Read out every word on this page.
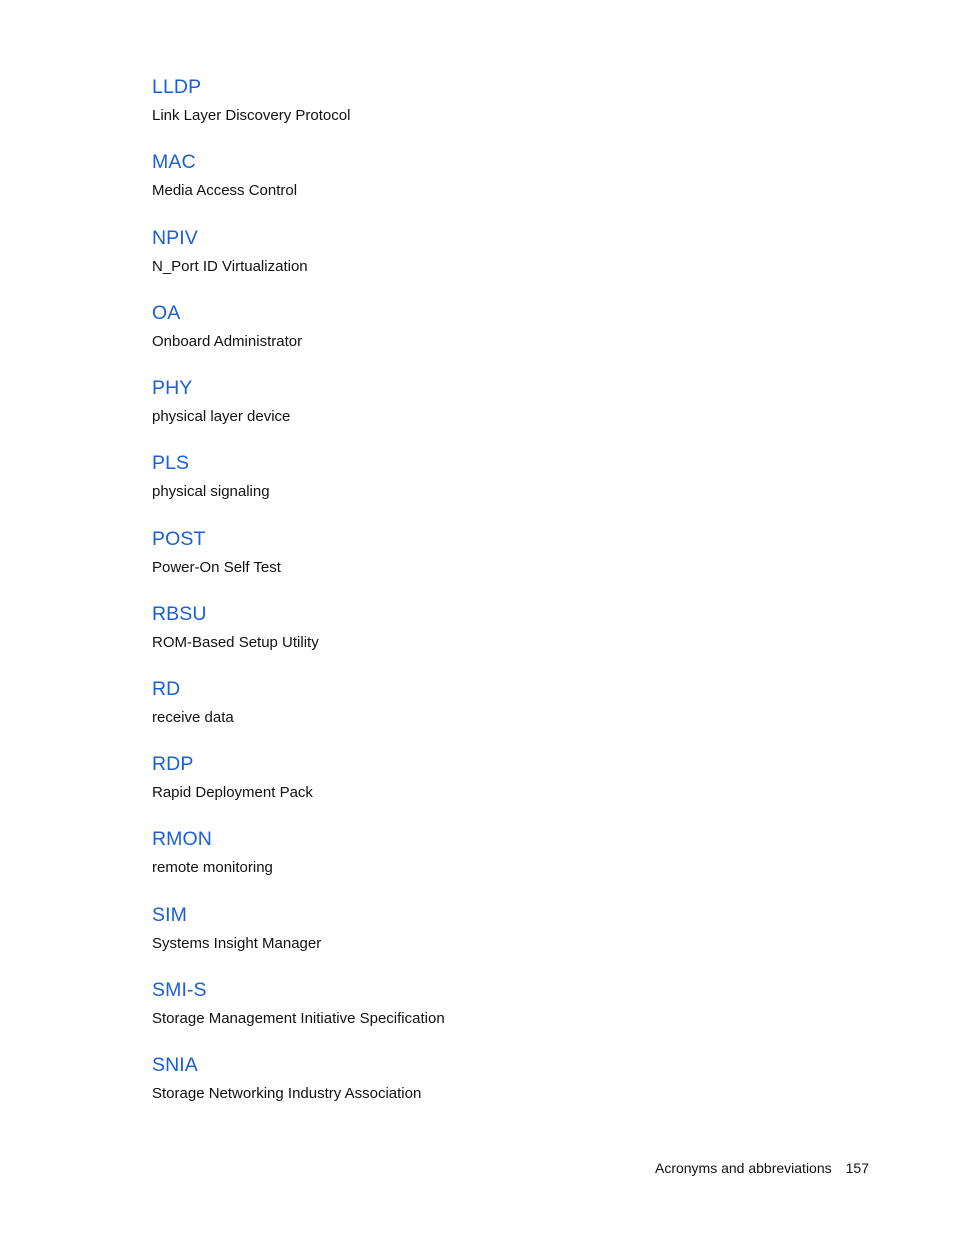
LLDP
Link Layer Discovery Protocol
MAC
Media Access Control
NPIV
N_Port ID Virtualization
OA
Onboard Administrator
PHY
physical layer device
PLS
physical signaling
POST
Power-On Self Test
RBSU
ROM-Based Setup Utility
RD
receive data
RDP
Rapid Deployment Pack
RMON
remote monitoring
SIM
Systems Insight Manager
SMI-S
Storage Management Initiative Specification
SNIA
Storage Networking Industry Association
Acronyms and abbreviations 157
